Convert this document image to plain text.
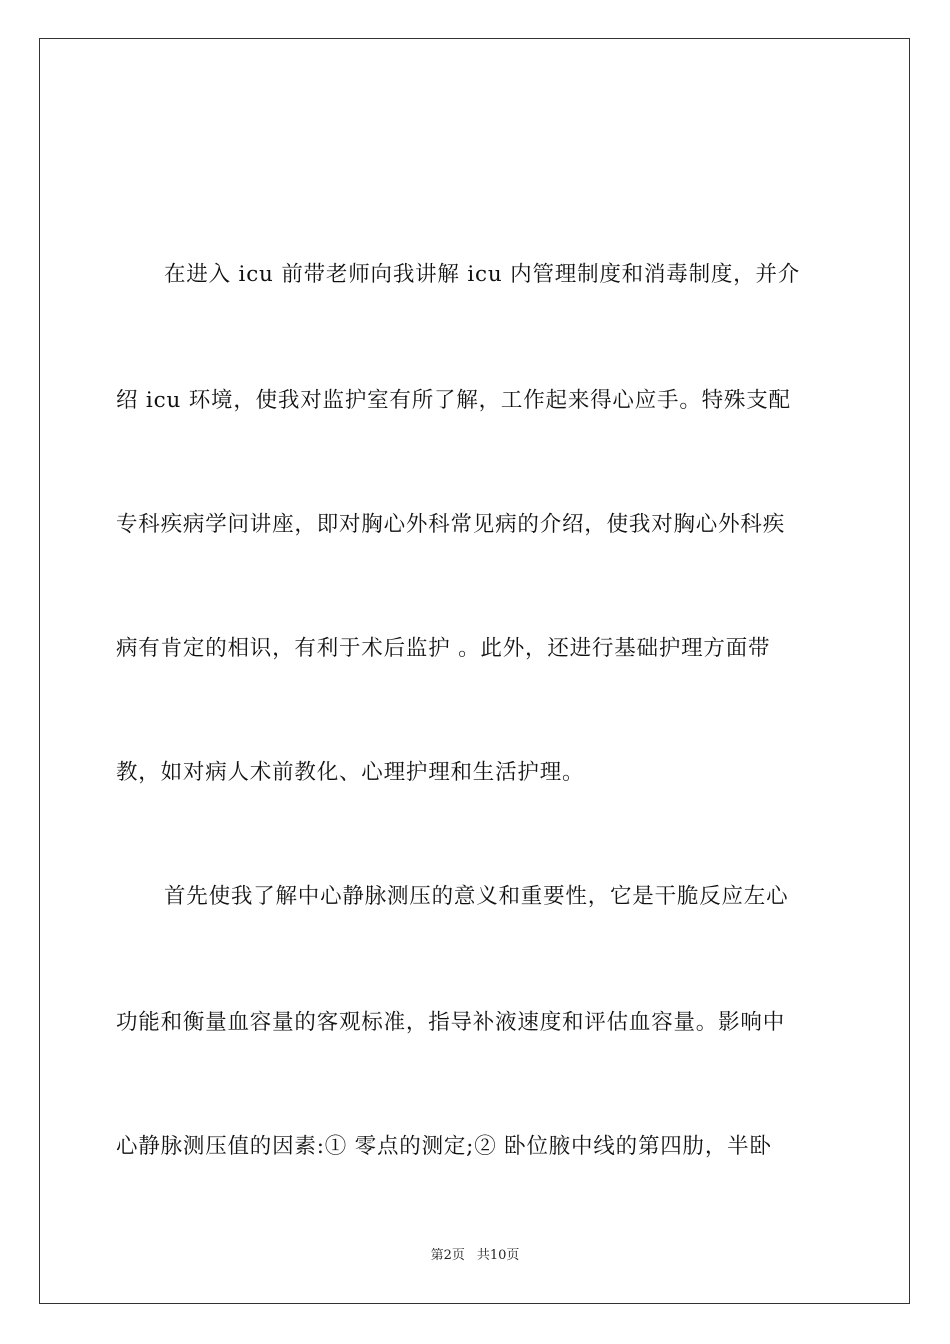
在进入 icu 前带老师向我讲解 icu 内管理制度和消毒制度，并介
绍 icu 环境，使我对监护室有所了解，工作起来得心应手。特殊支配
专科疾病学问讲座，即对胸心外科常见病的介绍，使我对胸心外科疾
病有肯定的相识，有利于术后监护 。此外，还进行基础护理方面带
教，如对病人术前教化、心理护理和生活护理。
首先使我了解中心静脉测压的意义和重要性，它是干脆反应左心
功能和衡量血容量的客观标准，指导补液速度和评估血容量。影响中
心静脉测压值的因素:① 零点的测定;② 卧位腋中线的第四肋，半卧
第2页 共10页
